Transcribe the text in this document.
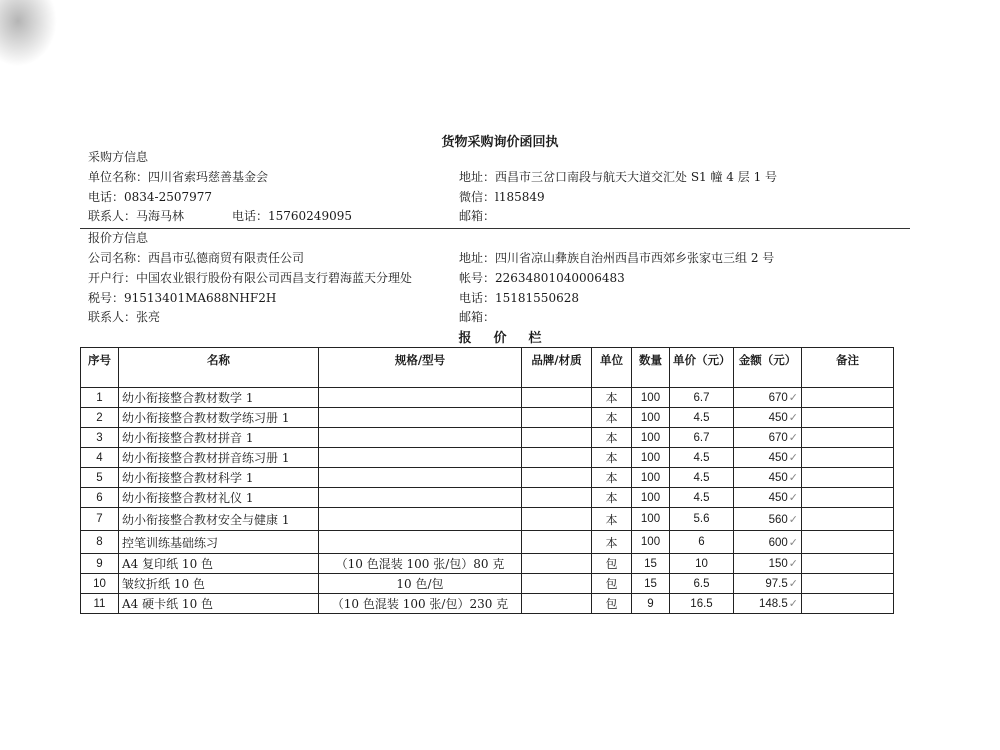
货物采购询价函回执
采购方信息
单位名称：四川省索玛慈善基金会	地址：西昌市三岔口南段与航天大道交汇处 S1 幢 4 层 1 号
电话：0834-2507977	微信：l185849
联系人：马海马林	电话：15760249095	邮箱：
报价方信息
公司名称：西昌市弘德商贸有限责任公司	地址：四川省凉山彝族自治州西昌市西郊乡张家屯三组 2 号
开户行：中国农业银行股份有限公司西昌支行碧海蓝天分理处	帐号：22634801040006483
税号：91513401MA688NHF2H	电话：15181550628
联系人：张亮	邮箱：
报价栏
序号	名称	规格/型号	品牌/材质	单位	数量	单价（元）	金额（元）	备注
1	幼小衔接整合教材数学 1			本	100	6.7	670✓	
2	幼小衔接整合教材数学练习册 1			本	100	4.5	450✓	
3	幼小衔接整合教材拼音 1			本	100	6.7	670✓	
4	幼小衔接整合教材拼音练习册 1			本	100	4.5	450✓	
5	幼小衔接整合教材科学 1			本	100	4.5	450✓	
6	幼小衔接整合教材礼仪 1			本	100	4.5	450✓	
7	幼小衔接整合教材安全与健康 1			本	100	5.6	560✓	
8	控笔训练基础练习			本	100	6	600✓	
9	A4 复印纸 10 色	（10 色混装 100 张/包）80 克		包	15	10	150✓	
10	皱纹折纸 10 色	10 色/包		包	15	6.5	97.5✓	
11	A4 硬卡纸 10 色	（10 色混装 100 张/包）230 克		包	9	16.5	148.5✓	
